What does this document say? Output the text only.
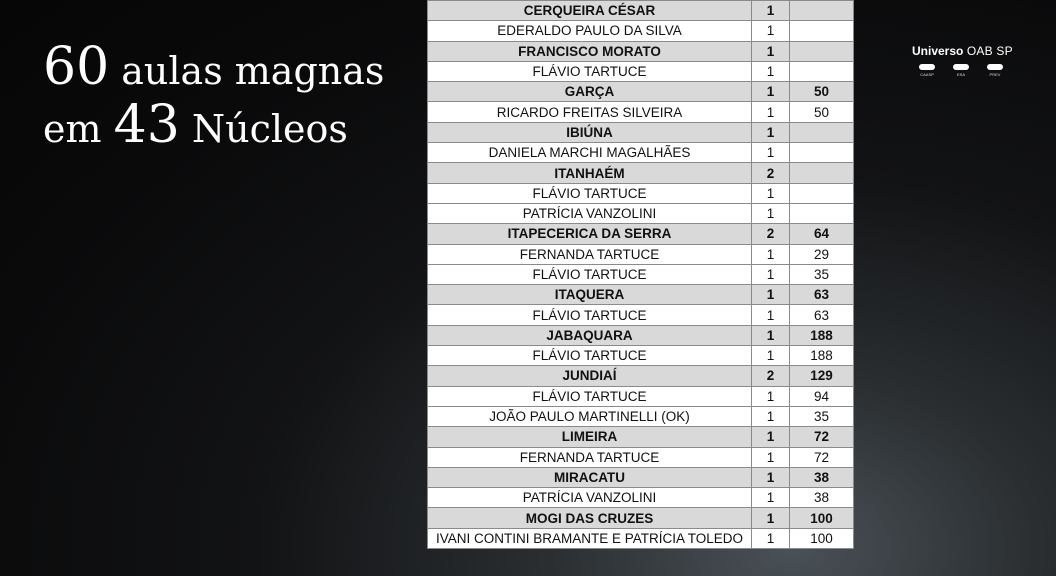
60 aulas magnas
em 43 Núcleos
Universo OAB SP
CAASP	ESA	PREV
CERQUEIRA CÉSAR	1	
EDERALDO PAULO DA SILVA	1	
FRANCISCO MORATO	1	
FLÁVIO TARTUCE	1	
GARÇA	1	50
RICARDO FREITAS SILVEIRA	1	50
IBIÚNA	1	
DANIELA MARCHI MAGALHÃES	1	
ITANHAÉM	2	
FLÁVIO TARTUCE	1	
PATRÍCIA VANZOLINI	1	
ITAPECERICA DA SERRA	2	64
FERNANDA TARTUCE	1	29
FLÁVIO TARTUCE	1	35
ITAQUERA	1	63
FLÁVIO TARTUCE	1	63
JABAQUARA	1	188
FLÁVIO TARTUCE	1	188
JUNDIAÍ	2	129
FLÁVIO TARTUCE	1	94
JOÃO PAULO MARTINELLI (OK)	1	35
LIMEIRA	1	72
FERNANDA TARTUCE	1	72
MIRACATU	1	38
PATRÍCIA VANZOLINI	1	38
MOGI DAS CRUZES	1	100
IVANI CONTINI BRAMANTE E PATRÍCIA TOLEDO	1	100
